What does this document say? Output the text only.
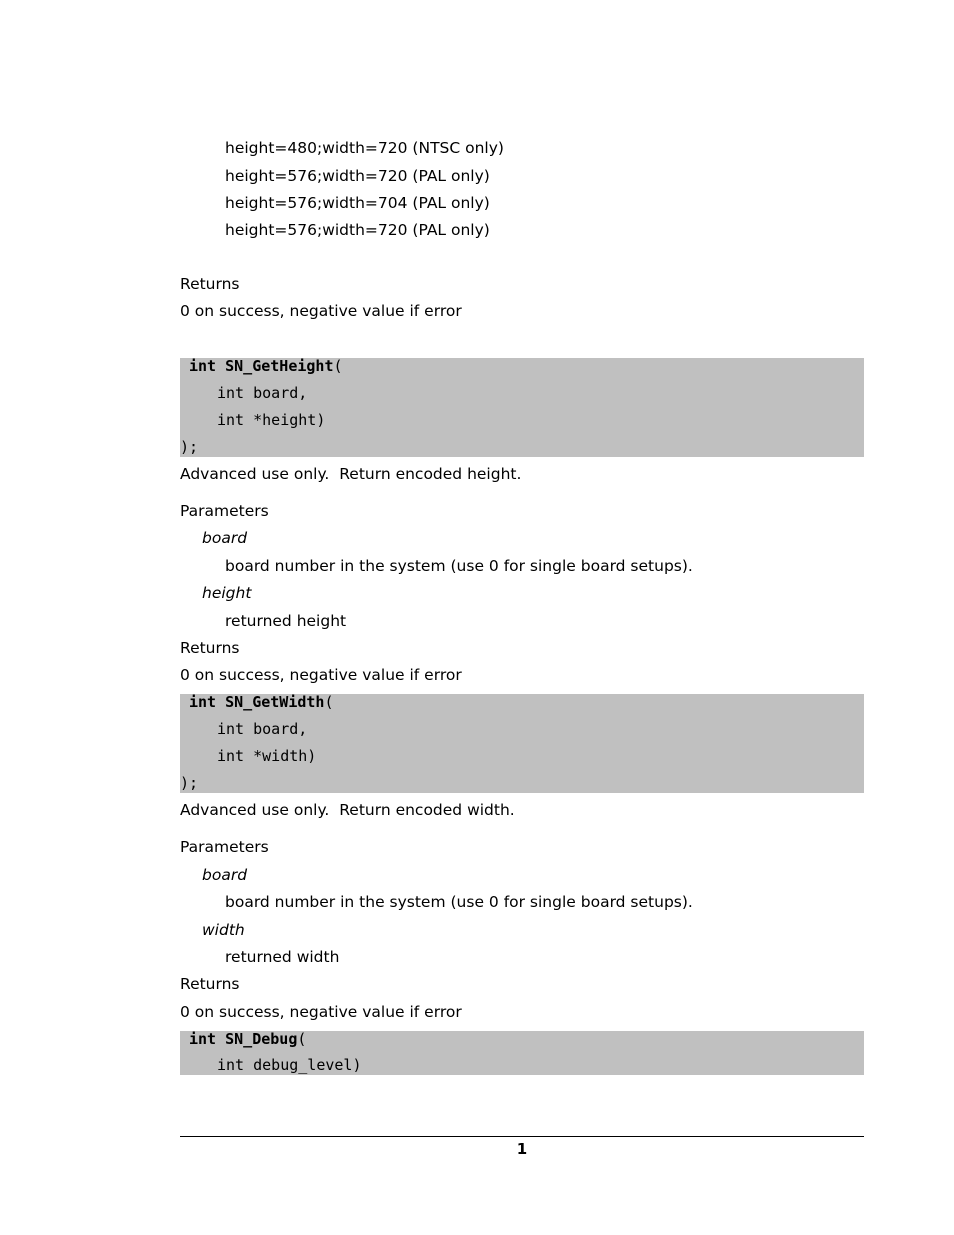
height=480;width=720 (NTSC only)
height=576;width=720 (PAL only)
height=576;width=704 (PAL only)
height=576;width=720 (PAL only)
Returns
0 on success, negative value if error
int SN_GetHeight(
int board,
int *height)
);
Advanced use only.  Return encoded height.
Parameters
board
board number in the system (use 0 for single board setups).
height
returned height
Returns
0 on success, negative value if error
int SN_GetWidth(
int board,
int *width)
);
Advanced use only.  Return encoded width.
Parameters
board
board number in the system (use 0 for single board setups).
width
returned width
Returns
0 on success, negative value if error
int SN_Debug(
int debug_level)
1
